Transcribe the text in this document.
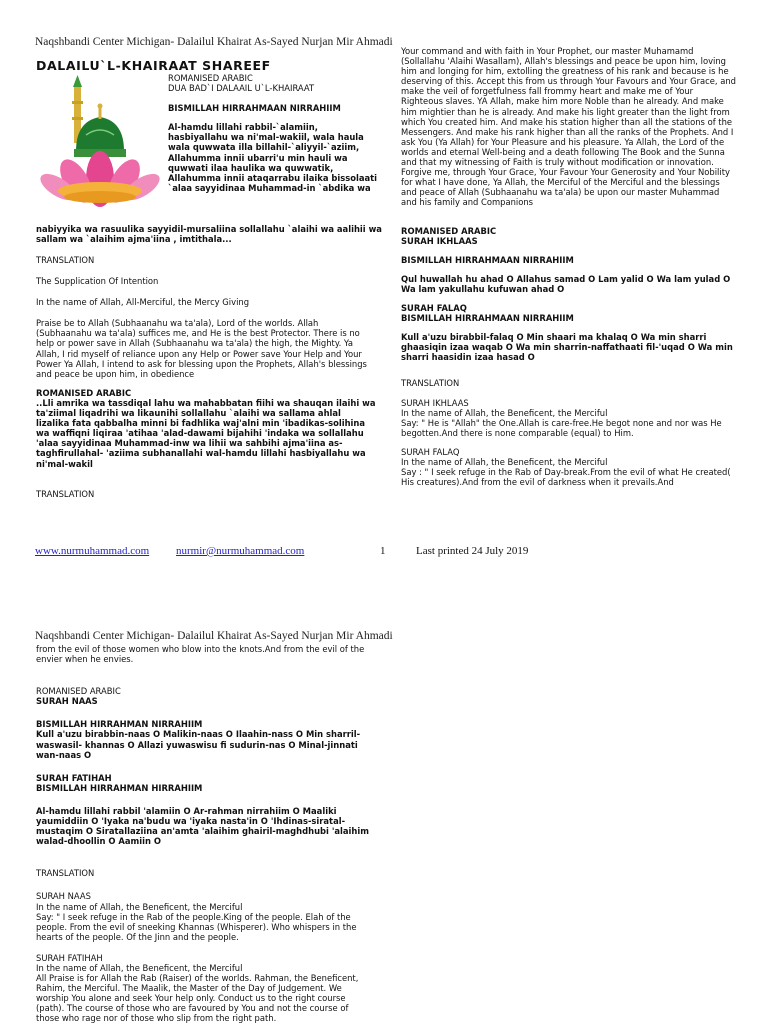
Naqshbandi Center Michigan- Dalailul Khairat As-Sayed Nurjan Mir Ahmadi
DALAILU`L-KHAIRAAT SHAREEF
ROMANISED ARABIC
DUA BAD`I DALAAIL U`L-KHAIRAAT

BISMILLAH HIRRAHMAAN NIRRAHIIM

Al-hamdu lillahi rabbil-`alamiin, hasbiyallahu wa ni'mal-wakiil, wala haula wala quwwata illa billahil-`aliyyil-`aziim, Allahumma innii ubarri'u min hauli wa quwwati ilaa haulika wa quwwatik, Allahumma innii ataqarrabu ilaika bissolaati `alaa sayyidinaa Muhammad-in `abdika wa

nabiyyika wa rasuulika sayyidil-mursaliina sollallahu `alaihi wa aalihii wa sallam wa `alaihim ajma'iina , imtithala...

TRANSLATION

The Supplication Of Intention

In the name of Allah, All-Merciful, the Mercy Giving

Praise be to Allah (Subhaanahu wa ta'ala), Lord of the worlds. Allah (Subhaanahu wa ta'ala) suffices me, and He is the best Protector. There is no help or power save in Allah (Subhaanahu wa ta'ala) the high, the Mighty. Ya Allah, I rid myself of reliance upon any Help or Power save Your Help and Your Power Ya Allah, I intend to ask for blessing upon the Prophets, Allah's blessings and peace be upon him, in obedience

ROMANISED ARABIC

..Lli amrika wa tassdiqal lahu wa mahabbatan fiihi wa shauqan ilaihi wa ta'ziimal liqadrihi wa likaunihi sollallahu `alaihi wa sallama ahlal lizalika fata qabbalha minni bi fadhlika waj'alni min 'ibadikas-solihina wa waffiqni liqiraa 'atihaa 'alad-dawami bijahihi 'indaka wa sollallahu 'alaa sayyidinaa Muhammad-inw wa lihii wa sahbihi ajma'iina as-taghfirullahal- 'aziima subhanallahi wal-hamdu lillahi hasbiyallahu wa ni'mal-wakil

TRANSLATION

Your command and with faith in Your Prophet, our master Muhamamd (Sollallahu 'Alaihi Wasallam), Allah's blessings and peace be upon him, loving him and longing for him, extolling the greatness of his rank and because is he deserving of this. Accept this from us through Your Favours and Your Grace, and make the veil of forgetfulness fall frommy heart and make me of Your Righteous slaves. YA Allah, make him more Noble than he already. And make him mightier than he is already. And make his light greater than the light from which You created him. And make his station higher than all the stations of the Messengers. And make his rank higher than all the ranks of the Prophets. And I ask You (Ya Allah) for Your Pleasure and his pleasure. Ya Allah, the Lord of the worlds and eternal Well-being and a death following The Book and the Sunna and that my witnessing of Faith is truly without modification or innovation. Forgive me, through Your Grace, Your Favour Your Generosity and Your Nobility for what I have done, Ya Allah, the Merciful of the Merciful and the blessings and peace of Allah (Subhaanahu wa ta'ala) be upon our master Muhammad and his family and Companions

ROMANISED ARABIC

SURAH IKHLAAS

BISMILLAH HIRRAHMAAN NIRRAHIIM

Qul huwallah hu ahad O Allahus samad O Lam yalid O Wa lam yulad O Wa lam yakullahu kufuwan ahad O

SURAH FALAQ

BISMILLAH HIRRAHMAAN NIRRAHIIM

Kull a'uzu birabbil-falaq O Min shaari ma khalaq O Wa min sharri ghaasiqin izaa waqab O Wa min sharrin-naffathaati fil-'uqad O Wa min sharri haasidin izaa hasad O

TRANSLATION

SURAH IKHLAAS
In the name of Allah, the Beneficent, the Merciful

Say: " He is "Allah" the One.Allah is care-free.He begot none and nor was He begotten.And there is none comparable (equal) to Him.

SURAH FALAQ
In the name of Allah, the Beneficent, the Merciful
Say : " I seek refuge in the Rab of Day-break.From the evil of what He created( His creatures).And from the evil of darkness when it prevails.And
www.nurmuhammad.com nurmir@nurmuhammad.com	1	Last printed 24 July 2019
Naqshbandi Center Michigan- Dalailul Khairat As-Sayed Nurjan Mir Ahmadi

from the evil of those women who blow into the knots.And from the evil of the envier when he envies.

ROMANISED ARABIC

SURAH NAAS

BISMILLAH HIRRAHMAN NIRRAHIIM

Kull a'uzu birabbin-naas O Malikin-naas O Ilaahin-nass O Min sharril-waswasil- khannas O Allazi yuwaswisu fi sudurin-nas O Minal-jinnati wan-naas O

SURAH FATIHAH

BISMILLAH HIRRAHMAN HIRRAHIIM

Al-hamdu lillahi rabbil 'alamiin O Ar-rahman nirrahiim O Maaliki yaumiddiin O 'Iyaka na'budu wa 'iyaka nasta'in O 'Ihdinas-siratal-mustaqim O Siratallaziina an'amta 'alaihim ghairil-maghdhubi 'alaihim walad-dhoollin O Aamiin O

TRANSLATION

SURAH NAAS
In the name of Allah, the Beneficent, the Merciful

Say: " I seek refuge in the Rab of the people.King of the people. Elah of the people. From the evil of sneeking Khannas (Whisperer). Who whispers in the hearts of the people. Of the Jinn and the people.

SURAH FATIHAH
In the name of Allah, the Beneficent, the Merciful
All Praise is for Allah the Rab (Raiser) of the worlds. Rahman, the Beneficent, Rahim, the Merciful. The Maalik, the Master of the Day of Judgement. We worship You alone and seek Your help only. Conduct us to the right course (path). The course of those who are favoured by You and not the course of those who rage nor of those who slip from the right path.
